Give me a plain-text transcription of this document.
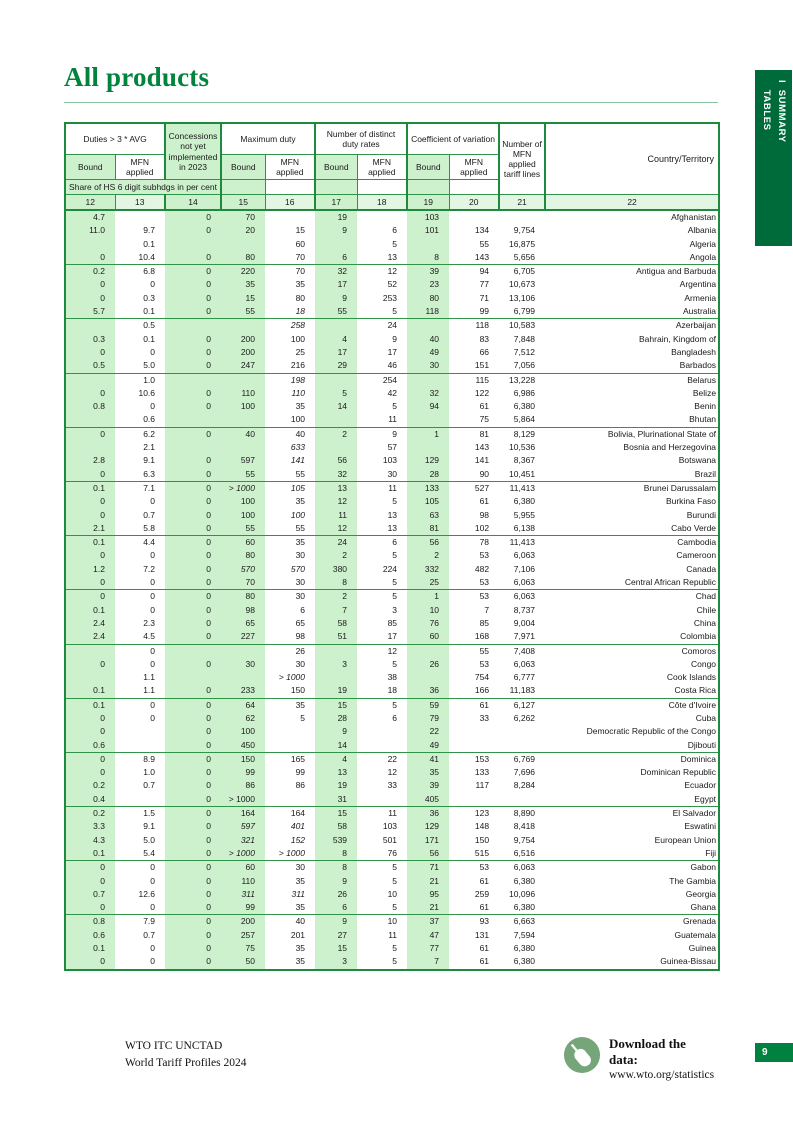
All products
I  SUMMARY
TABLES
Duties > 3 * AVG		Concessions not yet implemented in 2023	Maximum duty		Number of distinct duty rates		Coefficient of variation		Number of MFN applied tariff lines	Country/Territory
Bound	MFN applied		Bound	MFN applied	Bound	MFN applied	Bound	MFN applied		
Share of HS 6 digit subhdgs in per cent										
12	13	14	15	16	17	18	19	20	21	22
4.7		0	70		19		103			Afghanistan
11.0	9.7	0	20	15	9	6	101	134	9,754	Albania
	0.1			60		5		55	16,875	Algeria
0	10.4	0	80	70	6	13	8	143	5,656	Angola
0.2	6.8	0	220	70	32	12	39	94	6,705	Antigua and Barbuda
0	0	0	35	35	17	52	23	77	10,673	Argentina
0	0.3	0	15	80	9	253	80	71	13,106	Armenia
5.7	0.1	0	55	18	55	5	118	99	6,799	Australia
	0.5			258		24		118	10,583	Azerbaijan
0.3	0.1	0	200	100	4	9	40	83	7,848	Bahrain, Kingdom of
0	0	0	200	25	17	17	49	66	7,512	Bangladesh
0.5	5.0	0	247	216	29	46	30	151	7,056	Barbados
	1.0			198		254		115	13,228	Belarus
0	10.6	0	110	110	5	42	32	122	6,986	Belize
0.8	0	0	100	35	14	5	94	61	6,380	Benin
	0.6			100		11		75	5,864	Bhutan
0	6.2	0	40	40	2	9	1	81	8,129	Bolivia, Plurinational State of
	2.1			633		57		143	10,536	Bosnia and Herzegovina
2.8	9.1	0	597	141	56	103	129	141	8,367	Botswana
0	6.3	0	55	55	32	30	28	90	10,451	Brazil
0.1	7.1	0	> 1000	105	13	11	133	527	11,413	Brunei Darussalam
0	0	0	100	35	12	5	105	61	6,380	Burkina Faso
0	0.7	0	100	100	11	13	63	98	5,955	Burundi
2.1	5.8	0	55	55	12	13	81	102	6,138	Cabo Verde
0.1	4.4	0	60	35	24	6	56	78	11,413	Cambodia
0	0	0	80	30	2	5	2	53	6,063	Cameroon
1.2	7.2	0	570	570	380	224	332	482	7,106	Canada
0	0	0	70	30	8	5	25	53	6,063	Central African Republic
0	0	0	80	30	2	5	1	53	6,063	Chad
0.1	0	0	98	6	7	3	10	7	8,737	Chile
2.4	2.3	0	65	65	58	85	76	85	9,004	China
2.4	4.5	0	227	98	51	17	60	168	7,971	Colombia
	0			26		12		55	7,408	Comoros
0	0	0	30	30	3	5	26	53	6,063	Congo
	1.1			> 1000		38		754	6,777	Cook Islands
0.1	1.1	0	233	150	19	18	36	166	11,183	Costa Rica
0.1	0	0	64	35	15	5	59	61	6,127	Côte d'Ivoire
0	0	0	62	5	28	6	79	33	6,262	Cuba
0		0	100		9		22			Democratic Republic of the Congo
0.6		0	450		14		49			Djibouti
0	8.9	0	150	165	4	22	41	153	6,769	Dominica
0	1.0	0	99	99	13	12	35	133	7,696	Dominican Republic
0.2	0.7	0	86	86	19	33	39	117	8,284	Ecuador
0.4		0	> 1000		31		405			Egypt
0.2	1.5	0	164	164	15	11	36	123	8,890	El Salvador
3.3	9.1	0	597	401	58	103	129	148	8,418	Eswatini
4.3	5.0	0	321	152	539	501	171	150	9,754	European Union
0.1	5.4	0	> 1000	> 1000	8	76	56	515	6,516	Fiji
0	0	0	60	30	8	5	71	53	6,063	Gabon
0	0	0	110	35	9	5	21	61	6,380	The Gambia
0.7	12.6	0	311	311	26	10	95	259	10,096	Georgia
0	0	0	99	35	6	5	21	61	6,380	Ghana
0.8	7.9	0	200	40	9	10	37	93	6,663	Grenada
0.6	0.7	0	257	201	27	11	47	131	7,594	Guatemala
0.1	0	0	75	35	15	5	77	61	6,380	Guinea
0	0	0	50	35	3	5	7	61	6,380	Guinea-Bissau
WTO ITC UNCTAD
World Tariff Profiles 2024
Download the data:
www.wto.org/statistics
9
